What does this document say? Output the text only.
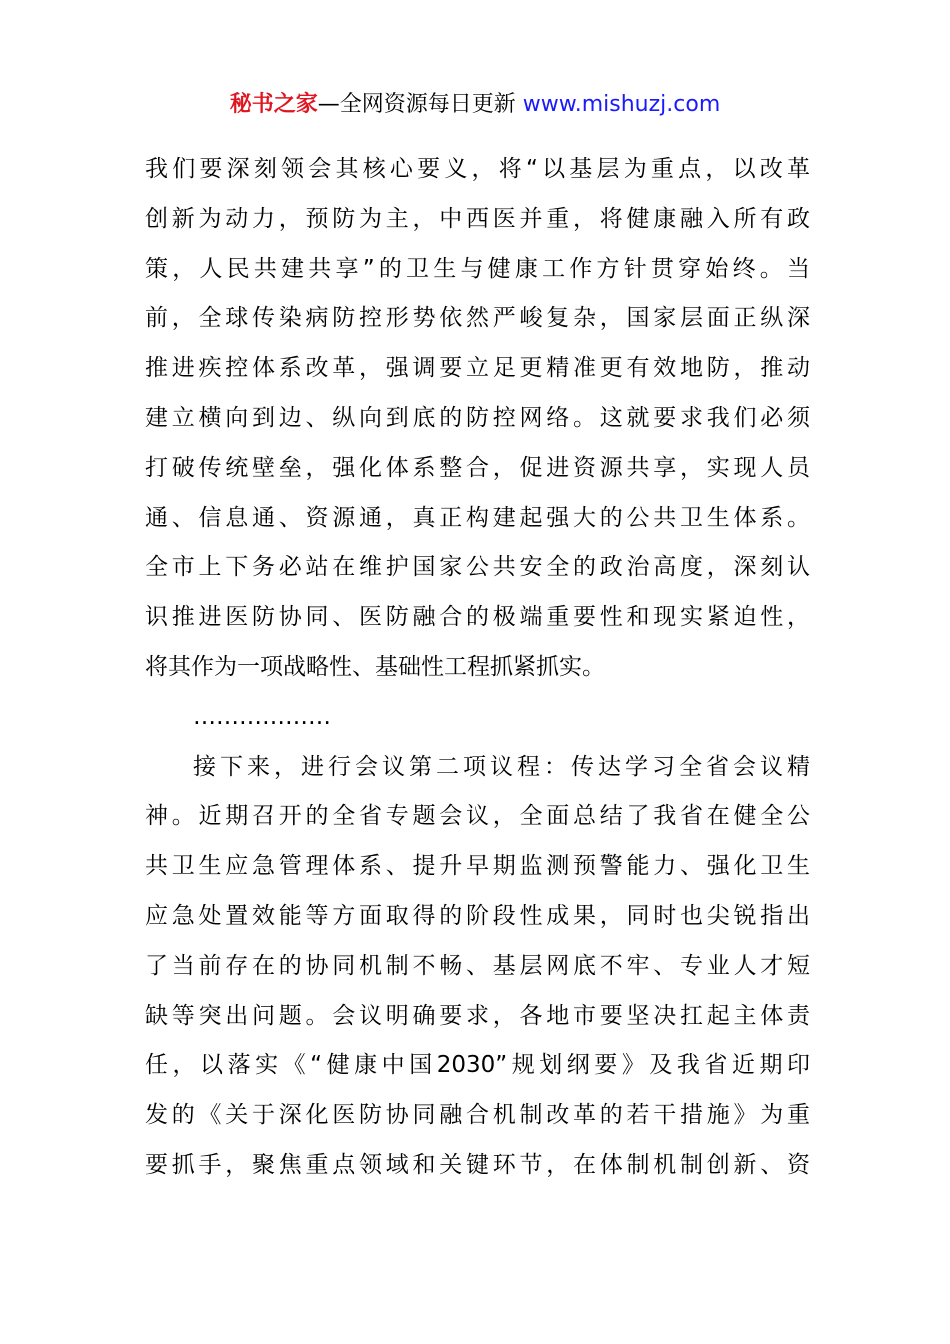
秘书之家—全网资源每日更新 www.mishuzj.com
我们要深刻领会其核心要义，将“以基层为重点，以改革
创新为动力，预防为主，中西医并重，将健康融入所有政
策，人民共建共享”的卫生与健康工作方针贯穿始终。当
前，全球传染病防控形势依然严峻复杂，国家层面正纵深
推进疾控体系改革，强调要立足更精准更有效地防，推动
建立横向到边、纵向到底的防控网络。这就要求我们必须
打破传统壁垒，强化体系整合，促进资源共享，实现人员
通、信息通、资源通，真正构建起强大的公共卫生体系。
全市上下务必站在维护国家公共安全的政治高度，深刻认
识推进医防协同、医防融合的极端重要性和现实紧迫性，
将其作为一项战略性、基础性工程抓紧抓实。
………………
接下来，进行会议第二项议程：传达学习全省会议精
神。近期召开的全省专题会议，全面总结了我省在健全公
共卫生应急管理体系、提升早期监测预警能力、强化卫生
应急处置效能等方面取得的阶段性成果，同时也尖锐指出
了当前存在的协同机制不畅、基层网底不牢、专业人才短
缺等突出问题。会议明确要求，各地市要坚决扛起主体责
任，以落实《“健康中国2030”规划纲要》及我省近期印
发的《关于深化医防协同融合机制改革的若干措施》为重
要抓手，聚焦重点领域和关键环节，在体制机制创新、资
